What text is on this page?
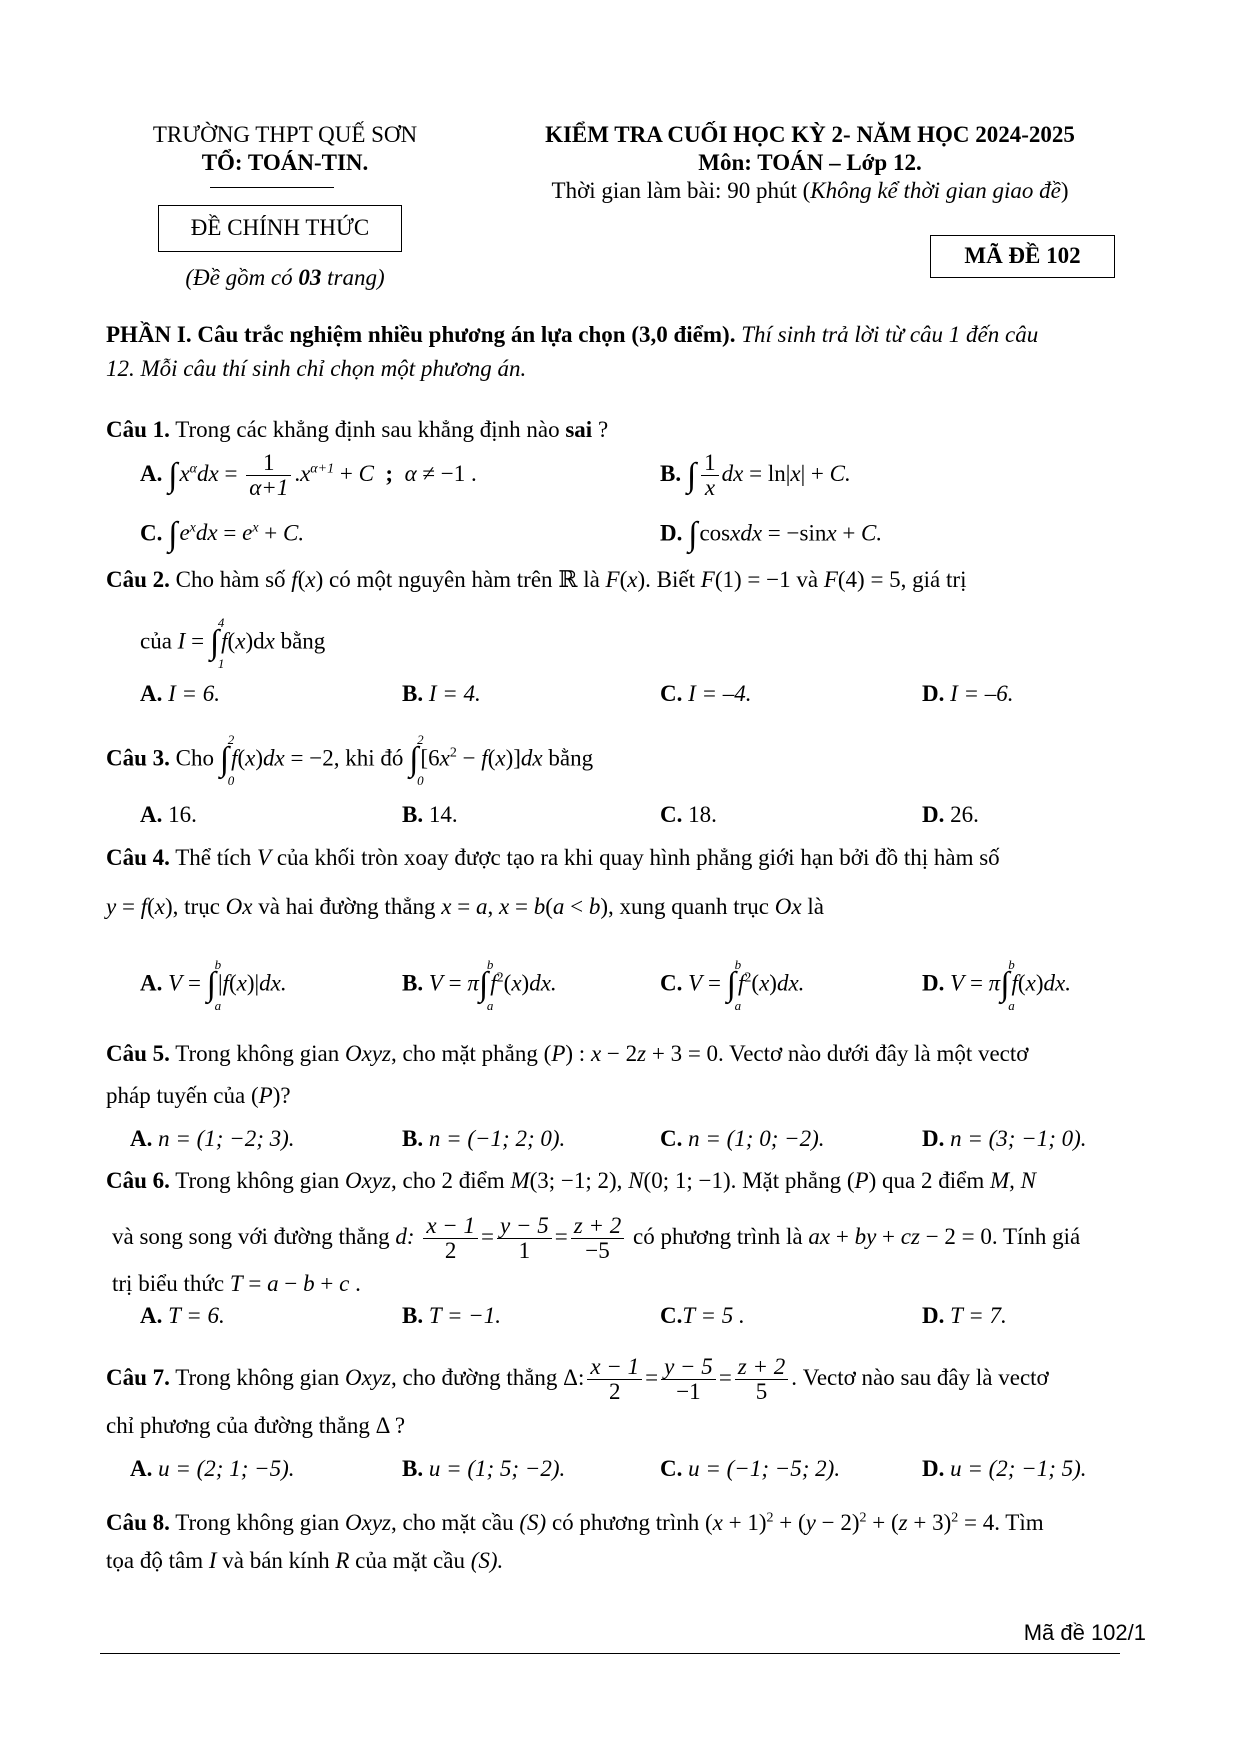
TRƯỜNG THPT QUẾ SƠN
TỔ: TOÁN-TIN.
ĐỀ CHÍNH THỨC
(Đề gồm có 03 trang)
KIỂM TRA CUỐI HỌC KỲ 2- NĂM HỌC 2024-2025
Môn: TOÁN – Lớp 12.
Thời gian làm bài: 90 phút (Không kể thời gian giao đề)
MÃ ĐỀ 102
PHẦN I. Câu trắc nghiệm nhiều phương án lựa chọn (3,0 điểm). Thí sinh trả lời từ câu 1 đến câu
12. Mỗi câu thí sinh chỉ chọn một phương án.
Câu 1. Trong các khẳng định sau khẳng định nào sai ?
A. $\int x^\alpha dx = \frac{1}{\alpha+1} .x^{\alpha+1} + C$ ; α ≠ −1 .	B. ∫ $\frac{1}{x}$ dx = ln|x| + C.
C. $\int e^xdx = e^x + C$.	D. ∫cosxdx = −sinx + C.
Câu 2. Cho hàm số f(x) có một nguyên hàm trên ℝ là F(x). Biết F(1) = −1 và F(4) = 5, giá trị
của I = ∫
4
1
f(x)dx bằng
A. I = 6.	B. I = 4.	C. I = –4.	D. I = –6.
Câu 3. Cho ∫
2
0
f(x)dx = −2, khi đó ∫
2
0
$[6x^2 - f(x)]dx$ bằng
A. 16.	B. 14.	C. 18.	D. 26.
Câu 4. Thể tích V của khối tròn xoay được tạo ra khi quay hình phẳng giới hạn bởi đồ thị hàm số
y = f(x), trục Ox và hai đường thẳng x = a, x = b(a < b), xung quanh trục Ox là
A. V = ∫
b
a
|f(x)|dx.	B. V = π∫
b
a
$f^2(x)dx$.	C. V = ∫
b
a
$f^2(x)dx$.	D. V = π∫
b
a
f(x)dx.
Câu 5. Trong không gian Oxyz, cho mặt phẳng (P) : x − 2z + 3 = 0. Vectơ nào dưới đây là một vectơ
pháp tuyến của (P)?
A. n = (1; −2; 3).	B. n = (−1; 2; 0).	C. n = (1; 0; −2).	D. n = (3; −1; 0).
Câu 6. Trong không gian Oxyz, cho 2 điểm M(3; −1; 2), N(0; 1; −1). Mặt phẳng (P) qua 2 điểm M, N
và song song với đường thẳng d: $\frac{x - 1}{2} = \frac{y - 5}{1} = \frac{z + 2}{-5}$ có phương trình là ax + by + cz − 2 = 0. Tính giá
trị biểu thức T = a − b + c .
A. T = 6.	B. T = −1.	C.T = 5 .	D. T = 7.
Câu 7. Trong không gian Oxyz, cho đường thẳng Δ: $\frac{x - 1}{2} = \frac{y - 5}{-1} = \frac{z + 2}{5}$ . Vectơ nào sau đây là vectơ
chỉ phương của đường thẳng Δ ?
A. u = (2; 1; −5).	B. u = (1; 5; −2).	C. u = (−1; −5; 2).	D. u = (2; −1; 5).
Câu 8. Trong không gian Oxyz, cho mặt cầu (S) có phương trình $(x + 1)^2 + (y - 2)^2 + (z + 3)^2 = 4$. Tìm
tọa độ tâm I và bán kính R của mặt cầu (S).
Mã đề 102/1
